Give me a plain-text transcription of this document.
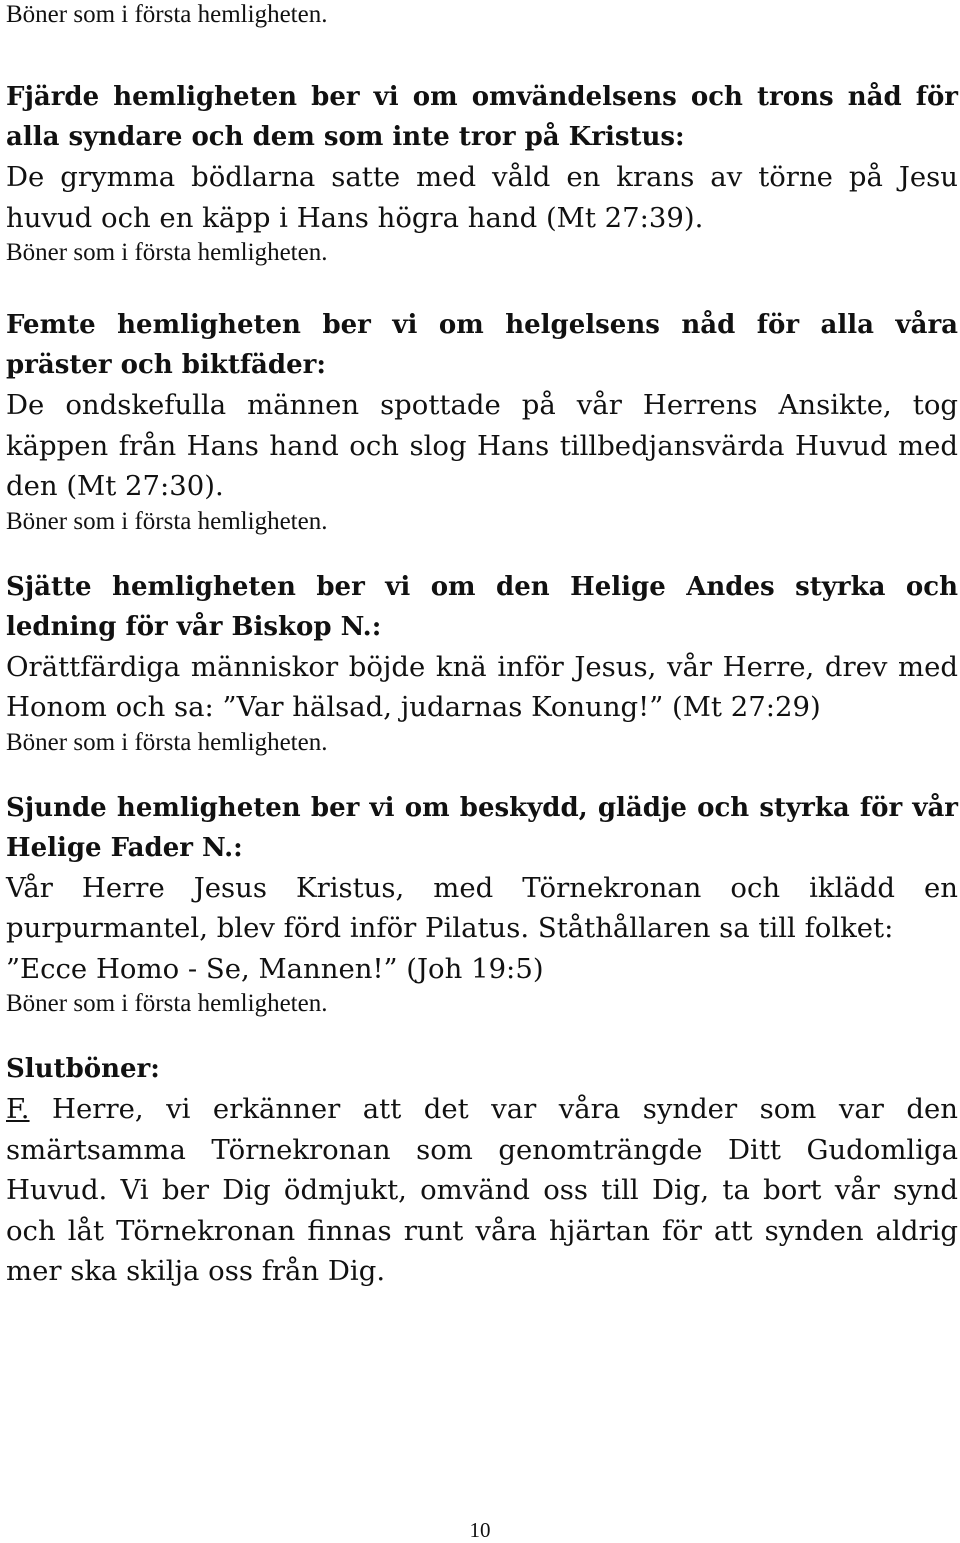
Böner som i första hemligheten.

Fjärde hemligheten ber vi om omvändelsens och trons nåd för alla syndare och dem som inte tror på Kristus:

De grymma bödlarna satte med våld en krans av törne på Jesu huvud och en käpp i Hans högra hand (Mt 27:39).

Böner som i första hemligheten.

Femte hemligheten ber vi om helgelsens nåd för alla våra präster och biktfäder:

De ondskefulla männen spottade på vår Herrens Ansikte, tog käppen från Hans hand och slog Hans tillbedjansvärda Huvud med den (Mt 27:30).

Böner som i första hemligheten.

Sjätte hemligheten ber vi om den Helige Andes styrka och ledning för vår Biskop N.:

Orättfärdiga människor böjde knä inför Jesus, vår Herre, drev med Honom och sa: ”Var hälsad, judarnas Konung!” (Mt 27:29)

Böner som i första hemligheten.

Sjunde hemligheten ber vi om beskydd, glädje och styrka för vår Helige Fader N.:

Vår Herre Jesus Kristus, med Törnekronan och iklädd en purpurmantel, blev förd inför Pilatus. Ståthållaren sa till folket:

”Ecce Homo - Se, Mannen!” (Joh 19:5)

Böner som i första hemligheten.

Slutböner:

F. Herre, vi erkänner att det var våra synder som var den smärtsamma Törnekronan som genomträngde Ditt Gudomliga Huvud. Vi ber Dig ödmjukt, omvänd oss till Dig, ta bort vår synd och låt Törnekronan finnas runt våra hjärtan för att synden aldrig mer ska skilja oss från Dig.

10
